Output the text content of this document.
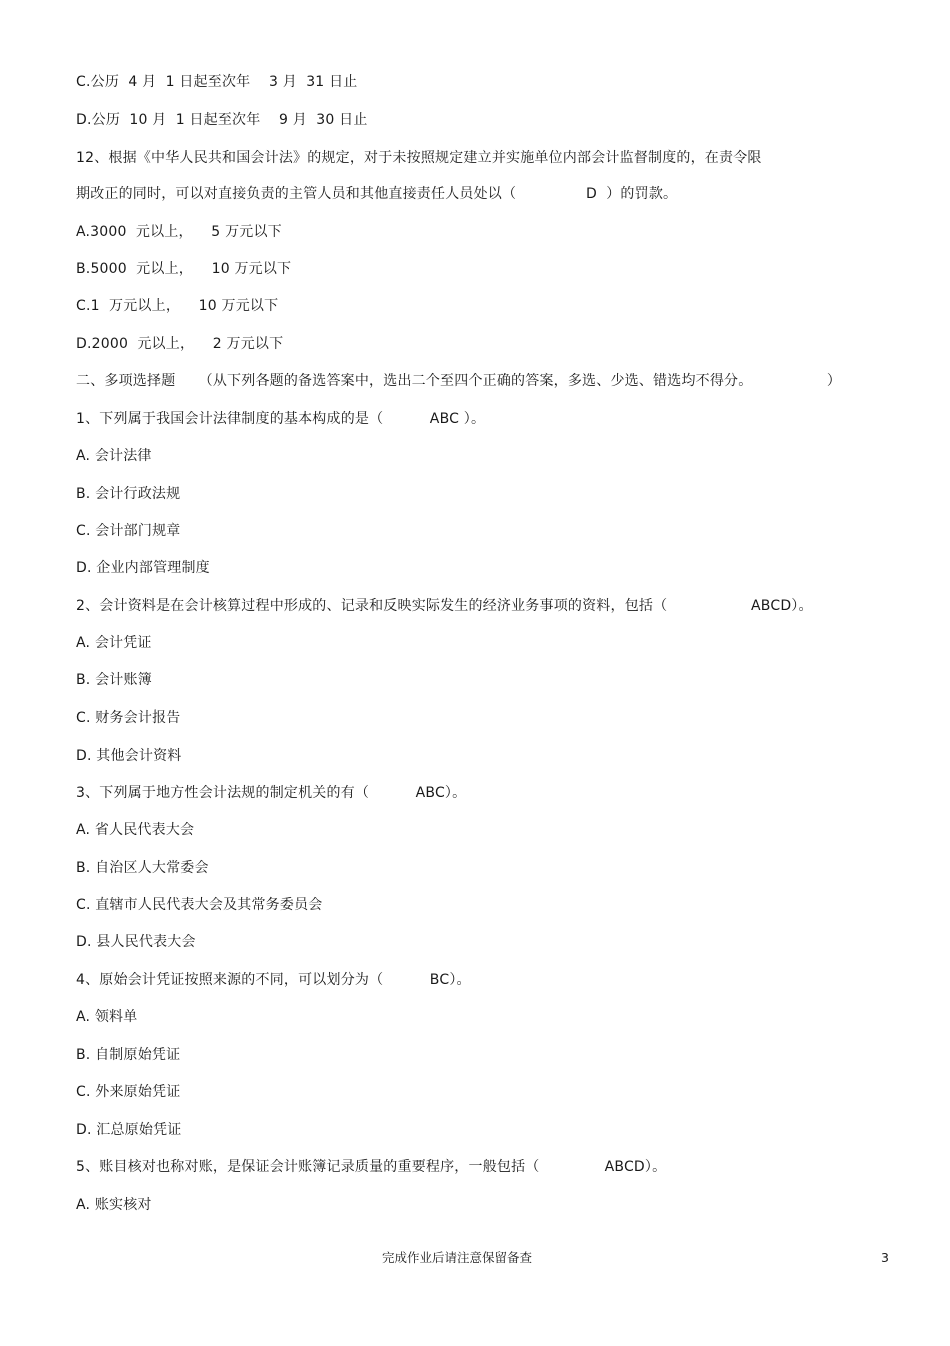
C.公历  4 月  1 日起至次年    3 月  31 日止
D.公历  10 月  1 日起至次年    9 月  30 日止
12、根据《中华人民共和国会计法》的规定，对于未按照规定建立并实施单位内部会计监督制度的，在责令限
期改正的同时，可以对直接负责的主管人员和其他直接责任人员处以（               D  ）的罚款。
A.3000  元以上，    5 万元以下
B.5000  元以上，    10 万元以下
C.1  万元以上，    10 万元以下
D.2000  元以上，    2 万元以下
二、多项选择题     （从下列各题的备选答案中，选出二个至四个正确的答案，多选、少选、错选均不得分。                ）
1、下列属于我国会计法律制度的基本构成的是（          ABC ）。
A. 会计法律
B. 会计行政法规
C. 会计部门规章
D. 企业内部管理制度
2、会计资料是在会计核算过程中形成的、记录和反映实际发生的经济业务事项的资料，包括（                  ABCD）。
A. 会计凭证
B. 会计账簿
C. 财务会计报告
D. 其他会计资料
3、下列属于地方性会计法规的制定机关的有（          ABC）。
A. 省人民代表大会
B. 自治区人大常委会
C. 直辖市人民代表大会及其常务委员会
D. 县人民代表大会
4、原始会计凭证按照来源的不同，可以划分为（          BC）。
A. 领料单
B. 自制原始凭证
C. 外来原始凭证
D. 汇总原始凭证
5、账目核对也称对账，是保证会计账簿记录质量的重要程序，一般包括（              ABCD）。
A. 账实核对
完成作业后请注意保留备查	3
